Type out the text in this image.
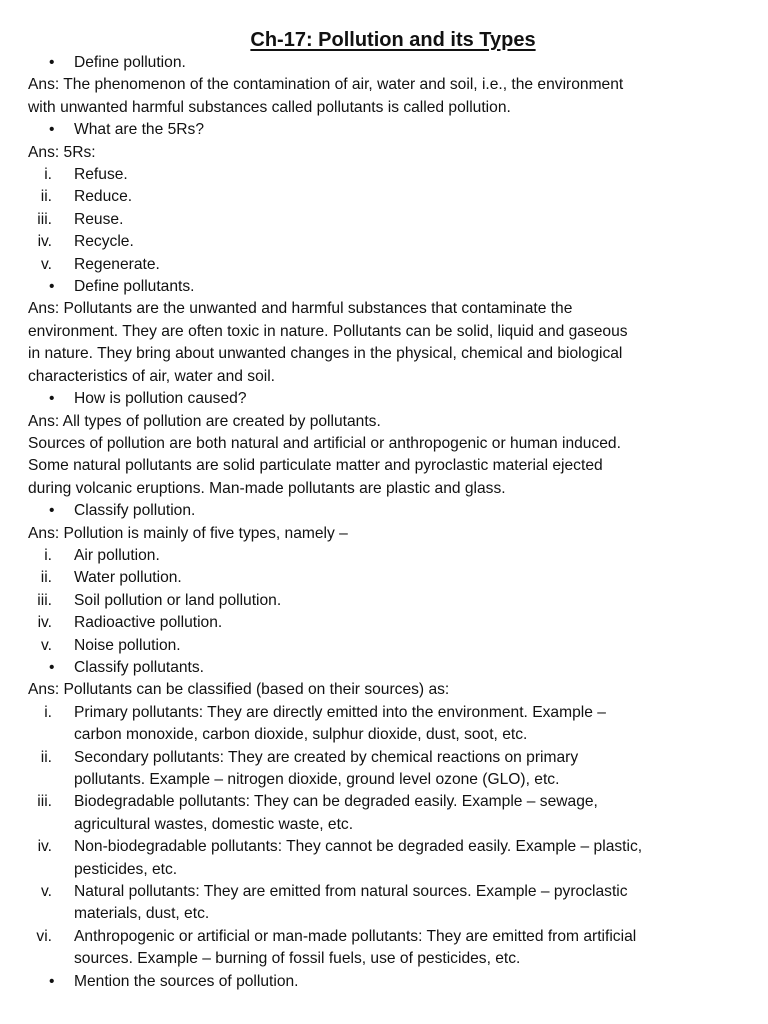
Ch-17: Pollution and its Types
• Define pollution.
Ans: The phenomenon of the contamination of air, water and soil, i.e., the environment
with unwanted harmful substances called pollutants is called pollution.
• What are the 5Rs?
Ans: 5Rs:
i. Refuse.
ii. Reduce.
iii. Reuse.
iv. Recycle.
v. Regenerate.
• Define pollutants.
Ans: Pollutants are the unwanted and harmful substances that contaminate the
environment. They are often toxic in nature. Pollutants can be solid, liquid and gaseous
in nature. They bring about unwanted changes in the physical, chemical and biological
characteristics of air, water and soil.
• How is pollution caused?
Ans: All types of pollution are created by pollutants.
Sources of pollution are both natural and artificial or anthropogenic or human induced.
Some natural pollutants are solid particulate matter and pyroclastic material ejected
during volcanic eruptions. Man-made pollutants are plastic and glass.
• Classify pollution.
Ans: Pollution is mainly of five types, namely –
i. Air pollution.
ii. Water pollution.
iii. Soil pollution or land pollution.
iv. Radioactive pollution.
v. Noise pollution.
• Classify pollutants.
Ans: Pollutants can be classified (based on their sources) as:
i. Primary pollutants: They are directly emitted into the environment. Example –
carbon monoxide, carbon dioxide, sulphur dioxide, dust, soot, etc.
ii. Secondary pollutants: They are created by chemical reactions on primary
pollutants. Example – nitrogen dioxide, ground level ozone (GLO), etc.
iii. Biodegradable pollutants: They can be degraded easily. Example – sewage,
agricultural wastes, domestic waste, etc.
iv. Non-biodegradable pollutants: They cannot be degraded easily. Example – plastic,
pesticides, etc.
v. Natural pollutants: They are emitted from natural sources. Example – pyroclastic
materials, dust, etc.
vi. Anthropogenic or artificial or man-made pollutants: They are emitted from artificial
sources. Example – burning of fossil fuels, use of pesticides, etc.
• Mention the sources of pollution.
